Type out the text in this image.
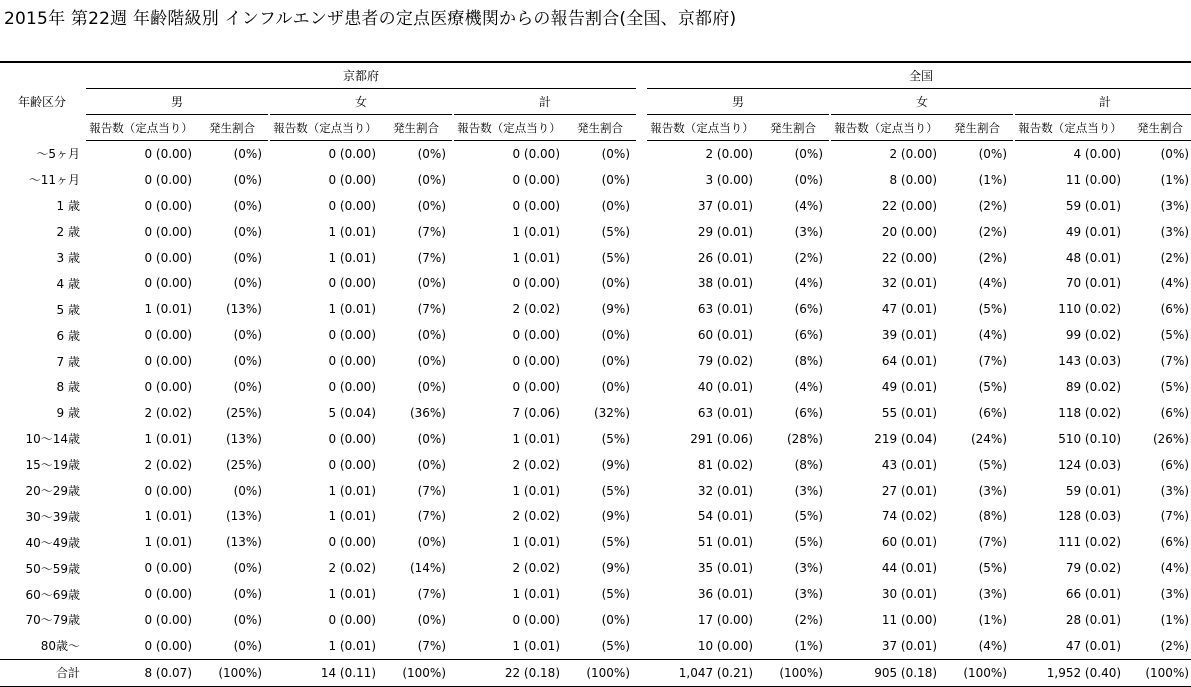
2015年 第22週 年齢階級別 インフルエンザ患者の定点医療機関からの報告割合(全国、京都府)
年齢区分		京都府									全国							
		男			女			計			男			女			計	
		報告数（定点当り）	発生割合		報告数（定点当り）	発生割合		報告数（定点当り）	発生割合		報告数（定点当り）	発生割合		報告数（定点当り）	発生割合		報告数（定点当り）	発生割合
～5ヶ月		0 (0.00)	(0%)		0 (0.00)	(0%)		0 (0.00)	(0%)		2 (0.00)	(0%)		2 (0.00)	(0%)		4 (0.00)	(0%)
～11ヶ月		0 (0.00)	(0%)		0 (0.00)	(0%)		0 (0.00)	(0%)		3 (0.00)	(0%)		8 (0.00)	(1%)		11 (0.00)	(1%)
1 歳		0 (0.00)	(0%)		0 (0.00)	(0%)		0 (0.00)	(0%)		37 (0.01)	(4%)		22 (0.00)	(2%)		59 (0.01)	(3%)
2 歳		0 (0.00)	(0%)		1 (0.01)	(7%)		1 (0.01)	(5%)		29 (0.01)	(3%)		20 (0.00)	(2%)		49 (0.01)	(3%)
3 歳		0 (0.00)	(0%)		1 (0.01)	(7%)		1 (0.01)	(5%)		26 (0.01)	(2%)		22 (0.00)	(2%)		48 (0.01)	(2%)
4 歳		0 (0.00)	(0%)		0 (0.00)	(0%)		0 (0.00)	(0%)		38 (0.01)	(4%)		32 (0.01)	(4%)		70 (0.01)	(4%)
5 歳		1 (0.01)	(13%)		1 (0.01)	(7%)		2 (0.02)	(9%)		63 (0.01)	(6%)		47 (0.01)	(5%)		110 (0.02)	(6%)
6 歳		0 (0.00)	(0%)		0 (0.00)	(0%)		0 (0.00)	(0%)		60 (0.01)	(6%)		39 (0.01)	(4%)		99 (0.02)	(5%)
7 歳		0 (0.00)	(0%)		0 (0.00)	(0%)		0 (0.00)	(0%)		79 (0.02)	(8%)		64 (0.01)	(7%)		143 (0.03)	(7%)
8 歳		0 (0.00)	(0%)		0 (0.00)	(0%)		0 (0.00)	(0%)		40 (0.01)	(4%)		49 (0.01)	(5%)		89 (0.02)	(5%)
9 歳		2 (0.02)	(25%)		5 (0.04)	(36%)		7 (0.06)	(32%)		63 (0.01)	(6%)		55 (0.01)	(6%)		118 (0.02)	(6%)
10～14歳		1 (0.01)	(13%)		0 (0.00)	(0%)		1 (0.01)	(5%)		291 (0.06)	(28%)		219 (0.04)	(24%)		510 (0.10)	(26%)
15～19歳		2 (0.02)	(25%)		0 (0.00)	(0%)		2 (0.02)	(9%)		81 (0.02)	(8%)		43 (0.01)	(5%)		124 (0.03)	(6%)
20～29歳		0 (0.00)	(0%)		1 (0.01)	(7%)		1 (0.01)	(5%)		32 (0.01)	(3%)		27 (0.01)	(3%)		59 (0.01)	(3%)
30～39歳		1 (0.01)	(13%)		1 (0.01)	(7%)		2 (0.02)	(9%)		54 (0.01)	(5%)		74 (0.02)	(8%)		128 (0.03)	(7%)
40～49歳		1 (0.01)	(13%)		0 (0.00)	(0%)		1 (0.01)	(5%)		51 (0.01)	(5%)		60 (0.01)	(7%)		111 (0.02)	(6%)
50～59歳		0 (0.00)	(0%)		2 (0.02)	(14%)		2 (0.02)	(9%)		35 (0.01)	(3%)		44 (0.01)	(5%)		79 (0.02)	(4%)
60～69歳		0 (0.00)	(0%)		1 (0.01)	(7%)		1 (0.01)	(5%)		36 (0.01)	(3%)		30 (0.01)	(3%)		66 (0.01)	(3%)
70～79歳		0 (0.00)	(0%)		0 (0.00)	(0%)		0 (0.00)	(0%)		17 (0.00)	(2%)		11 (0.00)	(1%)		28 (0.01)	(1%)
80歳～		0 (0.00)	(0%)		1 (0.01)	(7%)		1 (0.01)	(5%)		10 (0.00)	(1%)		37 (0.01)	(4%)		47 (0.01)	(2%)
合計		8 (0.07)	(100%)		14 (0.11)	(100%)		22 (0.18)	(100%)		1,047 (0.21)	(100%)		905 (0.18)	(100%)		1,952 (0.40)	(100%)
